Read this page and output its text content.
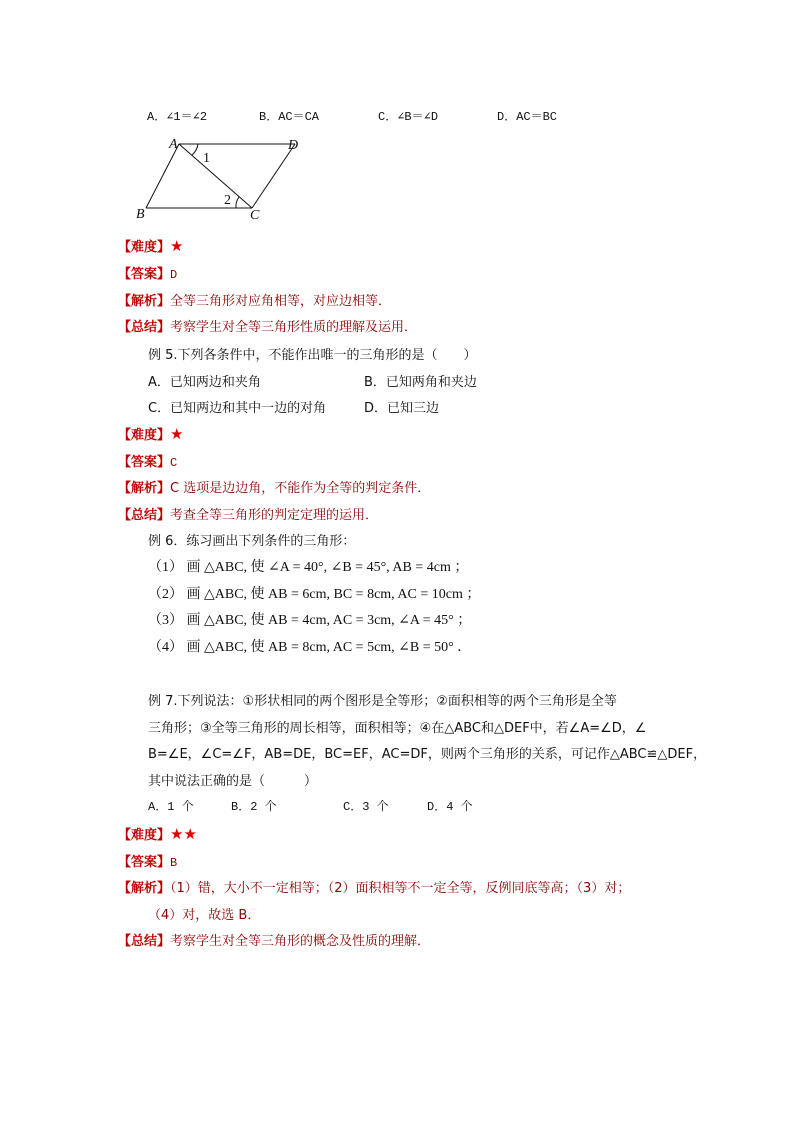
A．∠1＝∠2	B．AC＝CA	C．∠B＝∠D	D．AC＝BC
A	D
B	C
1
2
【难度】★
【答案】D
【解析】全等三角形对应角相等，对应边相等．
【总结】考察学生对全等三角形性质的理解及运用．
例 5.下列各条件中，不能作出唯一的三角形的是（　　）
A．已知两边和夹角	B．已知两角和夹边
C．已知两边和其中一边的对角	D．已知三边
【难度】★
【答案】C
【解析】C 选项是边边角，不能作为全等的判定条件．
【总结】考查全等三角形的判定定理的运用．
例 6．练习画出下列条件的三角形：
（1） 画 △ABC, 使 ∠A = 40°, ∠B = 45°, AB = 4cm ；
（2） 画 △ABC, 使 AB = 6cm, BC = 8cm, AC = 10cm ；
（3） 画 △ABC, 使 AB = 4cm, AC = 3cm, ∠A = 45° ；
（4） 画 △ABC, 使 AB = 8cm, AC = 5cm, ∠B = 50° ．
例 7.下列说法：①形状相同的两个图形是全等形；②面积相等的两个三角形是全等
三角形；③全等三角形的周长相等，面积相等；④在△ABC和△DEF中，若∠A=∠D，∠
B=∠E，∠C=∠F，AB=DE，BC=EF，AC=DF，则两个三角形的关系，可记作△ABC≌△DEF，
其中说法正确的是（　　　）
A．1 个	B．2 个	C．3 个	D．4 个
【难度】★★
【答案】B
【解析】（1）错，大小不一定相等；（2）面积相等不一定全等，反例同底等高；（3）对；
（4）对，故选 B．
【总结】考察学生对全等三角形的概念及性质的理解．
